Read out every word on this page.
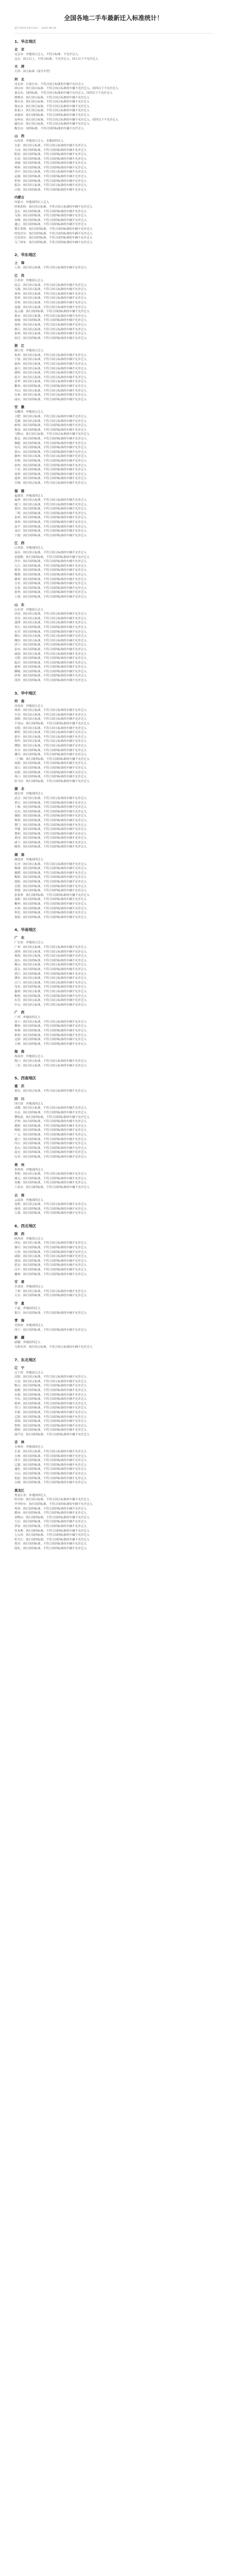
全国各地二手车最新迁入标准统计！
截至2020年8月26日 · 2020-08-26
1、华北地区
北　京
北京市：外地国五迁入，不符合标准。不允许迁入。
北京：国五以上，不符合标准，不允许迁入，国五以下不允许迁入
天　津
天津：国五标准（部分车型）
河　北
河北省：石家庄市、不符合国五标准的车辆不允许迁入
唐山市：执行国五标准，不符合国五标准的车辆不允许迁入，国四以下不允许迁入
秦皇岛：国四标准，不符合国五标准的车辆不允许迁入，国四以下不允许迁入
邯郸市：执行国五标准，不符合国五标准的车辆不允许迁入
邢台市：执行国五标准，不符合国五标准的车辆不允许迁入
保定市：执行国五标准，不符合国五标准的车辆不允许迁入
张家口：执行国五标准，不符合国五标准的车辆不允许迁入
承德市：执行国四标准，不符合国四标准的车辆不允许迁入
沧州市：执行国五标准，不符合国五标准的车辆不允许迁入，国四以下不允许迁入
廊坊市：执行国五标准，不符合国五标准的车辆不允许迁入
衡水市：国四标准，不符合国四标准的车辆不允许迁入
山　西
山西省：外地国五迁入，本地国四迁入
太原：执行国五标准，不符合国五标准的车辆不允许迁入
大同：执行国四标准，不符合国四标准的车辆不允许迁入
阳泉：执行国四标准，不符合国四标准的车辆不允许迁入
长治：执行国四标准，不符合国四标准的车辆不允许迁入
晋城：执行国四标准，不符合国四标准的车辆不允许迁入
朔州：执行国四标准，不符合国四标准的车辆不允许迁入
晋中：执行国五标准，不符合国五标准的车辆不允许迁入
运城：执行国四标准，不符合国四标准的车辆不允许迁入
忻州：执行国四标准，不符合国四标准的车辆不允许迁入
临汾：执行国五标准，不符合国五标准的车辆不允许迁入
吕梁：执行国四标准，不符合国四标准的车辆不允许迁入
内蒙古
内蒙古：外地国四以上迁入
呼和浩特：执行国五标准，不符合国五标准的车辆不允许迁入
包头：执行国四标准，不符合国四标准的车辆不允许迁入
乌海：执行国四标准，不符合国四标准的车辆不允许迁入
赤峰：执行国四标准，不符合国四标准的车辆不允许迁入
通辽：执行国四标准，不符合国四标准的车辆不允许迁入
鄂尔多斯：执行国四标准，不符合国四标准的车辆不允许迁入
呼伦贝尔：执行国四标准，不符合国四标准的车辆不允许迁入
巴彦淖尔：执行国四标准，不符合国四标准的车辆不允许迁入
乌兰察布：执行国四标准，不符合国四标准的车辆不允许迁入
2、华东地区
上　海
上海：执行国五标准，不符合国五标准的车辆不允许迁入
江　苏
江苏省：外地国五迁入
南京：执行国五标准，不符合国五标准的车辆不允许迁入
无锡：执行国五标准，不符合国五标准的车辆不允许迁入
徐州：执行国五标准，不符合国五标准的车辆不允许迁入
常州：执行国五标准，不符合国五标准的车辆不允许迁入
苏州：执行国五标准，不符合国五标准的车辆不允许迁入
南通：执行国五标准，不符合国五标准的车辆不允许迁入
连云港：执行国四标准，不符合国四标准的车辆不允许迁入
淮安：执行国五标准，不符合国五标准的车辆不允许迁入
盐城：执行国四标准，不符合国四标准的车辆不允许迁入
扬州：执行国五标准，不符合国五标准的车辆不允许迁入
镇江：执行国五标准，不符合国五标准的车辆不允许迁入
泰州：执行国五标准，不符合国五标准的车辆不允许迁入
宿迁：执行国四标准，不符合国四标准的车辆不允许迁入
浙　江
浙江省：外地国五迁入
杭州：执行国五标准，不符合国五标准的车辆不允许迁入
宁波：执行国五标准，不符合国五标准的车辆不允许迁入
温州：执行国五标准，不符合国五标准的车辆不允许迁入
嘉兴：执行国五标准，不符合国五标准的车辆不允许迁入
湖州：执行国五标准，不符合国五标准的车辆不允许迁入
绍兴：执行国五标准，不符合国五标准的车辆不允许迁入
金华：执行国五标准，不符合国五标准的车辆不允许迁入
衢州：执行国四标准，不符合国四标准的车辆不允许迁入
舟山：执行国五标准，不符合国五标准的车辆不允许迁入
台州：执行国五标准，不符合国五标准的车辆不允许迁入
丽水：执行国四标准，不符合国四标准的车辆不允许迁入
安　徽
安徽省：外地国五迁入
合肥：执行国五标准，不符合国五标准的车辆不允许迁入
芜湖：执行国五标准，不符合国五标准的车辆不允许迁入
蚌埠：执行国四标准，不符合国四标准的车辆不允许迁入
淮南：执行国四标准，不符合国四标准的车辆不允许迁入
马鞍山：执行国五标准，不符合国五标准的车辆不允许迁入
淮北：执行国四标准，不符合国四标准的车辆不允许迁入
铜陵：执行国四标准，不符合国四标准的车辆不允许迁入
安庆：执行国四标准，不符合国四标准的车辆不允许迁入
黄山：执行国四标准，不符合国四标准的车辆不允许迁入
滁州：执行国五标准，不符合国五标准的车辆不允许迁入
阜阳：执行国四标准，不符合国四标准的车辆不允许迁入
宿州：执行国四标准，不符合国四标准的车辆不允许迁入
六安：执行国四标准，不符合国四标准的车辆不允许迁入
亳州：执行国四标准，不符合国四标准的车辆不允许迁入
池州：执行国四标准，不符合国四标准的车辆不允许迁入
宣城：执行国五标准，不符合国五标准的车辆不允许迁入
福　建
福建省：外地国四迁入
福州：执行国五标准，不符合国五标准的车辆不允许迁入
厦门：执行国五标准，不符合国五标准的车辆不允许迁入
莆田：执行国四标准，不符合国四标准的车辆不允许迁入
三明：执行国四标准，不符合国四标准的车辆不允许迁入
泉州：执行国四标准，不符合国四标准的车辆不允许迁入
漳州：执行国四标准，不符合国四标准的车辆不允许迁入
南平：执行国四标准，不符合国四标准的车辆不允许迁入
龙岩：执行国四标准，不符合国四标准的车辆不允许迁入
宁德：执行国四标准，不符合国四标准的车辆不允许迁入
江　西
江西省：外地国四迁入
南昌：执行国五标准，不符合国五标准的车辆不允许迁入
景德镇：执行国四标准，不符合国四标准的车辆不允许迁入
萍乡：执行国四标准，不符合国四标准的车辆不允许迁入
九江：执行国四标准，不符合国四标准的车辆不允许迁入
新余：执行国四标准，不符合国四标准的车辆不允许迁入
鹰潭：执行国四标准，不符合国四标准的车辆不允许迁入
赣州：执行国四标准，不符合国四标准的车辆不允许迁入
吉安：执行国四标准，不符合国四标准的车辆不允许迁入
宜春：执行国四标准，不符合国四标准的车辆不允许迁入
抚州：执行国四标准，不符合国四标准的车辆不允许迁入
上饶：执行国四标准，不符合国四标准的车辆不允许迁入
山　东
山东省：外地国五迁入
济南：执行国五标准，不符合国五标准的车辆不允许迁入
青岛：执行国五标准，不符合国五标准的车辆不允许迁入
淄博：执行国五标准，不符合国五标准的车辆不允许迁入
枣庄：执行国四标准，不符合国四标准的车辆不允许迁入
东营：执行国四标准，不符合国四标准的车辆不允许迁入
烟台：执行国五标准，不符合国五标准的车辆不允许迁入
潍坊：执行国五标准，不符合国五标准的车辆不允许迁入
济宁：执行国四标准，不符合国四标准的车辆不允许迁入
泰安：执行国四标准，不符合国四标准的车辆不允许迁入
威海：执行国五标准，不符合国五标准的车辆不允许迁入
日照：执行国四标准，不符合国四标准的车辆不允许迁入
临沂：执行国四标准，不符合国四标准的车辆不允许迁入
德州：执行国四标准，不符合国四标准的车辆不允许迁入
聊城：执行国四标准，不符合国四标准的车辆不允许迁入
滨州：执行国四标准，不符合国四标准的车辆不允许迁入
菏泽：执行国四标准，不符合国四标准的车辆不允许迁入
3、华中地区
河　南
河南省：外地国五迁入
郑州：执行国五标准，不符合国五标准的车辆不允许迁入
开封：执行国五标准，不符合国五标准的车辆不允许迁入
洛阳：执行国五标准，不符合国五标准的车辆不允许迁入
平顶山：执行国四标准，不符合国四标准的车辆不允许迁入
安阳：执行国五标准，不符合国五标准的车辆不允许迁入
鹤壁：执行国五标准，不符合国五标准的车辆不允许迁入
新乡：执行国五标准，不符合国五标准的车辆不允许迁入
焦作：执行国五标准，不符合国五标准的车辆不允许迁入
濮阳：执行国五标准，不符合国五标准的车辆不允许迁入
许昌：执行国四标准，不符合国四标准的车辆不允许迁入
漯河：执行国四标准，不符合国四标准的车辆不允许迁入
三门峡：执行国四标准，不符合国四标准的车辆不允许迁入
南阳：执行国四标准，不符合国四标准的车辆不允许迁入
商丘：执行国四标准，不符合国四标准的车辆不允许迁入
信阳：执行国四标准，不符合国四标准的车辆不允许迁入
周口：执行国四标准，不符合国四标准的车辆不允许迁入
驻马店：执行国四标准，不符合国四标准的车辆不允许迁入
湖　北
湖北省：外地国四迁入
武汉：执行国五标准，不符合国五标准的车辆不允许迁入
黄石：执行国四标准，不符合国四标准的车辆不允许迁入
十堰：执行国四标准，不符合国四标准的车辆不允许迁入
宜昌：执行国四标准，不符合国四标准的车辆不允许迁入
襄阳：执行国四标准，不符合国四标准的车辆不允许迁入
鄂州：执行国四标准，不符合国四标准的车辆不允许迁入
荆门：执行国四标准，不符合国四标准的车辆不允许迁入
孝感：执行国四标准，不符合国四标准的车辆不允许迁入
荆州：执行国四标准，不符合国四标准的车辆不允许迁入
黄冈：执行国四标准，不符合国四标准的车辆不允许迁入
咸宁：执行国四标准，不符合国四标准的车辆不允许迁入
随州：执行国四标准，不符合国四标准的车辆不允许迁入
湖　南
湖南省：外地国四迁入
长沙：执行国五标准，不符合国五标准的车辆不允许迁入
株洲：执行国四标准，不符合国四标准的车辆不允许迁入
湘潭：执行国四标准，不符合国四标准的车辆不允许迁入
衡阳：执行国四标准，不符合国四标准的车辆不允许迁入
邵阳：执行国四标准，不符合国四标准的车辆不允许迁入
岳阳：执行国四标准，不符合国四标准的车辆不允许迁入
常德：执行国四标准，不符合国四标准的车辆不允许迁入
张家界：执行国四标准，不符合国四标准的车辆不允许迁入
益阳：执行国四标准，不符合国四标准的车辆不允许迁入
郴州：执行国四标准，不符合国四标准的车辆不允许迁入
永州：执行国四标准，不符合国四标准的车辆不允许迁入
怀化：执行国四标准，不符合国四标准的车辆不允许迁入
娄底：执行国四标准，不符合国四标准的车辆不允许迁入
4、华南地区
广　东
广东省：外地国五迁入
广州：执行国五标准，不符合国五标准的车辆不允许迁入
深圳：执行国五标准，不符合国五标准的车辆不允许迁入
珠海：执行国五标准，不符合国五标准的车辆不允许迁入
汕头：执行国四标准，不符合国四标准的车辆不允许迁入
佛山：执行国五标准，不符合国五标准的车辆不允许迁入
韶关：执行国四标准，不符合国四标准的车辆不允许迁入
湛江：执行国四标准，不符合国四标准的车辆不允许迁入
肇庆：执行国五标准，不符合国五标准的车辆不允许迁入
江门：执行国五标准，不符合国五标准的车辆不允许迁入
茂名：执行国四标准，不符合国四标准的车辆不允许迁入
惠州：执行国五标准，不符合国五标准的车辆不允许迁入
梅州：执行国四标准，不符合国四标准的车辆不允许迁入
东莞：执行国五标准，不符合国五标准的车辆不允许迁入
中山：执行国五标准，不符合国五标准的车辆不允许迁入
广　西
广西：外地国四迁入
南宁：执行国五标准，不符合国五标准的车辆不允许迁入
柳州：执行国四标准，不符合国四标准的车辆不允许迁入
桂林：执行国四标准，不符合国四标准的车辆不允许迁入
梧州：执行国四标准，不符合国四标准的车辆不允许迁入
北海：执行国四标准，不符合国四标准的车辆不允许迁入
玉林：执行国四标准，不符合国四标准的车辆不允许迁入
海　南
海南省：外地国五迁入
海口：执行国五标准，不符合国五标准的车辆不允许迁入
三亚：执行国五标准，不符合国五标准的车辆不允许迁入
5、西南地区
重　庆
重庆：执行国五标准，不符合国五标准的车辆不允许迁入
四　川
四川省：外地国四迁入
成都：执行国五标准，不符合国五标准的车辆不允许迁入
自贡：执行国四标准，不符合国四标准的车辆不允许迁入
攀枝花：执行国四标准，不符合国四标准的车辆不允许迁入
泸州：执行国四标准，不符合国四标准的车辆不允许迁入
德阳：执行国四标准，不符合国四标准的车辆不允许迁入
绵阳：执行国四标准，不符合国四标准的车辆不允许迁入
广元：执行国四标准，不符合国四标准的车辆不允许迁入
遂宁：执行国四标准，不符合国四标准的车辆不允许迁入
内江：执行国四标准，不符合国四标准的车辆不允许迁入
乐山：执行国四标准，不符合国四标准的车辆不允许迁入
南充：执行国四标准，不符合国四标准的车辆不允许迁入
宜宾：执行国四标准，不符合国四标准的车辆不允许迁入
贵　州
贵州省：外地国四迁入
贵阳：执行国五标准，不符合国五标准的车辆不允许迁入
遵义：执行国四标准，不符合国四标准的车辆不允许迁入
安顺：执行国四标准，不符合国四标准的车辆不允许迁入
六盘水：执行国四标准，不符合国四标准的车辆不允许迁入
云　南
云南省：外地国四迁入
昆明：执行国五标准，不符合国五标准的车辆不允许迁入
曲靖：执行国四标准，不符合国四标准的车辆不允许迁入
玉溪：执行国四标准，不符合国四标准的车辆不允许迁入
6、西北地区
陕　西
陕西省：外地国五迁入
西安：执行国五标准，不符合国五标准的车辆不允许迁入
铜川：执行国四标准，不符合国四标准的车辆不允许迁入
宝鸡：执行国四标准，不符合国四标准的车辆不允许迁入
咸阳：执行国五标准，不符合国五标准的车辆不允许迁入
渭南：执行国四标准，不符合国四标准的车辆不允许迁入
延安：执行国四标准，不符合国四标准的车辆不允许迁入
汉中：执行国四标准，不符合国四标准的车辆不允许迁入
榆林：执行国四标准，不符合国四标准的车辆不允许迁入
甘　肃
甘肃省：外地国四迁入
兰州：执行国五标准，不符合国五标准的车辆不允许迁入
天水：执行国四标准，不符合国四标准的车辆不允许迁入
宁　夏
宁夏：外地国四迁入
银川：执行国四标准，不符合国四标准的车辆不允许迁入
青　海
青海省：外地国四迁入
西宁：执行国四标准，不符合国四标准的车辆不允许迁入
新　疆
新疆：外地国四迁入
乌鲁木齐：执行国五标准，不符合国五标准的车辆不允许迁入
7、东北地区
辽　宁
辽宁省：外地国五迁入
沈阳：执行国五标准，不符合国五标准的车辆不允许迁入
大连：执行国五标准，不符合国五标准的车辆不允许迁入
鞍山：执行国四标准，不符合国四标准的车辆不允许迁入
抚顺：执行国四标准，不符合国四标准的车辆不允许迁入
本溪：执行国四标准，不符合国四标准的车辆不允许迁入
丹东：执行国四标准，不符合国四标准的车辆不允许迁入
锦州：执行国四标准，不符合国四标准的车辆不允许迁入
营口：执行国四标准，不符合国四标准的车辆不允许迁入
阜新：执行国四标准，不符合国四标准的车辆不允许迁入
辽阳：执行国四标准，不符合国四标准的车辆不允许迁入
盘锦：执行国四标准，不符合国四标准的车辆不允许迁入
铁岭：执行国四标准，不符合国四标准的车辆不允许迁入
朝阳：执行国四标准，不符合国四标准的车辆不允许迁入
葫芦岛：执行国四标准，不符合国四标准的车辆不允许迁入
吉　林
吉林省：外地国四迁入
长春：执行国五标准，不符合国五标准的车辆不允许迁入
吉林：执行国四标准，不符合国四标准的车辆不允许迁入
四平：执行国四标准，不符合国四标准的车辆不允许迁入
辽源：执行国四标准，不符合国四标准的车辆不允许迁入
通化：执行国四标准，不符合国四标准的车辆不允许迁入
白山：执行国四标准，不符合国四标准的车辆不允许迁入
松原：执行国四标准，不符合国四标准的车辆不允许迁入
白城：执行国四标准，不符合国四标准的车辆不允许迁入
黑龙江
黑龙江省：外地国四迁入
哈尔滨：执行国五标准，不符合国五标准的车辆不允许迁入
齐齐哈尔：执行国四标准，不符合国四标准的车辆不允许迁入
鸡西：执行国四标准，不符合国四标准的车辆不允许迁入
鹤岗：执行国四标准，不符合国四标准的车辆不允许迁入
双鸭山：执行国四标准，不符合国四标准的车辆不允许迁入
大庆：执行国四标准，不符合国四标准的车辆不允许迁入
伊春：执行国四标准，不符合国四标准的车辆不允许迁入
佳木斯：执行国四标准，不符合国四标准的车辆不允许迁入
七台河：执行国四标准，不符合国四标准的车辆不允许迁入
牡丹江：执行国四标准，不符合国四标准的车辆不允许迁入
黑河：执行国四标准，不符合国四标准的车辆不允许迁入
绥化：执行国四标准，不符合国四标准的车辆不允许迁入
